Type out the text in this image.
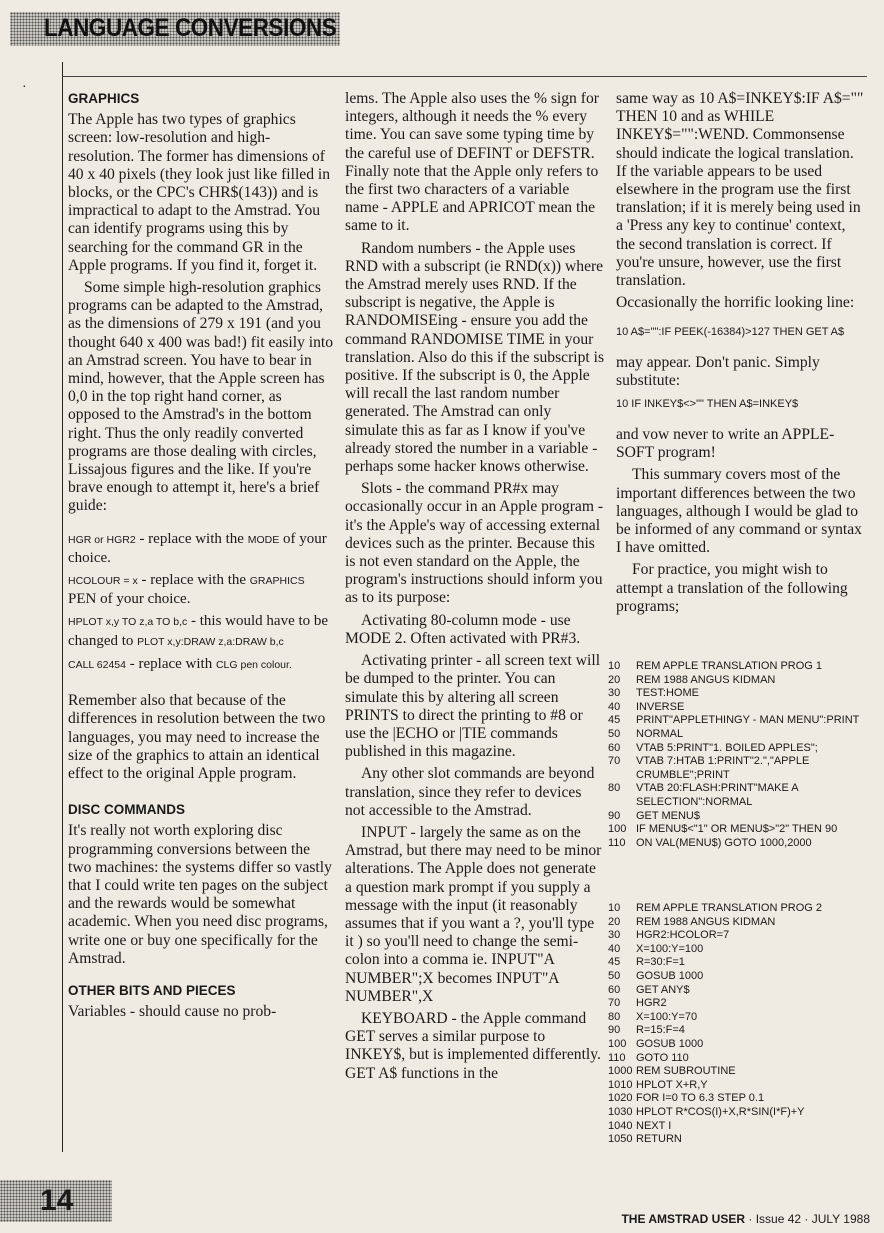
LANGUAGE CONVERSIONS
·
GRAPHICS

The Apple has two types of graphics screen: low-resolution and high-resolution. The former has dimensions of 40 x 40 pixels (they look just like filled in blocks, or the CPC's CHR$(143)) and is impractical to adapt to the Amstrad. You can identify programs using this by searching for the command GR in the Apple programs. If you find it, forget it.

Some simple high-resolution graphics programs can be adapted to the Amstrad, as the dimensions of 279 x 191 (and you thought 640 x 400 was bad!) fit easily into an Amstrad screen. You have to bear in mind, however, that the Apple screen has 0,0 in the top right hand corner, as opposed to the Amstrad's in the bottom right. Thus the only readily converted programs are those dealing with circles, Lissajous figures and the like. If you're brave enough to attempt it, here's a brief guide:

HGR or HGR2 - replace with the MODE of your choice.

HCOLOUR = x - replace with the GRAPHICS PEN of your choice.

HPLOT x,y TO z,a TO b,c - this would have to be changed to PLOT x,y:DRAW z,a:DRAW b,c

CALL 62454 - replace with CLG pen colour.

Remember also that because of the differences in resolution between the two languages, you may need to increase the size of the graphics to attain an identical effect to the original Apple program.

DISC COMMANDS

It's really not worth exploring disc programming conversions between the two machines: the systems differ so vastly that I could write ten pages on the subject and the rewards would be somewhat academic. When you need disc programs, write one or buy one specifically for the Amstrad.

OTHER BITS AND PIECES

Variables - should cause no prob-

lems. The Apple also uses the % sign for integers, although it needs the % every time. You can save some typing time by the careful use of DEFINT or DEFSTR. Finally note that the Apple only refers to the first two characters of a variable name - APPLE and APRICOT mean the same to it.

Random numbers - the Apple uses RND with a subscript (ie RND(x)) where the Amstrad merely uses RND. If the subscript is negative, the Apple is RANDOMISEing - ensure you add the command RANDOMISE TIME in your translation. Also do this if the subscript is positive. If the subscript is 0, the Apple will recall the last random number generated. The Amstrad can only simulate this as far as I know if you've already stored the number in a variable - perhaps some hacker knows otherwise.

Slots - the command PR#x may occasionally occur in an Apple program - it's the Apple's way of accessing external devices such as the printer. Because this is not even standard on the Apple, the program's instructions should inform you as to its purpose:

Activating 80-column mode - use MODE 2. Often activated with PR#3.

Activating printer - all screen text will be dumped to the printer. You can simulate this by altering all screen PRINTS to direct the printing to #8 or use the |ECHO or |TIE commands published in this magazine.

Any other slot commands are beyond translation, since they refer to devices not accessible to the Amstrad.

INPUT - largely the same as on the Amstrad, but there may need to be minor alterations. The Apple does not generate a question mark prompt if you supply a message with the input (it reasonably assumes that if you want a ?, you'll type it ) so you'll need to change the semi-colon into a comma ie. INPUT"A NUMBER";X becomes INPUT"A NUMBER",X

KEYBOARD - the Apple command GET serves a similar purpose to INKEY$, but is implemented differently. GET A$ functions in the

same way as 10 A$=INKEY$:IF A$="" THEN 10 and as WHILE INKEY$="":WEND. Commonsense should indicate the logical translation. If the variable appears to be used elsewhere in the program use the first translation; if it is merely being used in a 'Press any key to continue' context, the second translation is correct. If you're unsure, however, use the first translation.

Occasionally the horrific looking line:

10 A$="":IF PEEK(-16384)>127 THEN GET A$

may appear. Don't panic. Simply substitute:

10 IF INKEY$<>"" THEN A$=INKEY$

and vow never to write an APPLE-SOFT program!

This summary covers most of the important differences between the two languages, although I would be glad to be informed of any command or syntax I have omitted.

For practice, you might wish to attempt a translation of the following programs;

10	REM APPLE TRANSLATION PROG 1
20	REM 1988 ANGUS KIDMAN
30	TEST:HOME
40	INVERSE
45	PRINT"APPLETHINGY - MAN MENU":PRINT
50	NORMAL
60	VTAB 5:PRINT"1. BOILED APPLES";
70	VTAB 7:HTAB 1:PRINT"2.","APPLE CRUMBLE";PRINT
80	VTAB 20:FLASH:PRINT"MAKE A SELECTION":NORMAL
90	GET MENU$
100 IF MENU$<"1" OR MENU$>"2" THEN 90
110 ON VAL(MENU$) GOTO 1000,2000
10	REM APPLE TRANSLATION PROG 2
20	REM 1988 ANGUS KIDMAN
30	HGR2:HCOLOR=7
40	X=100:Y=100
45	R=30:F=1
50	GOSUB 1000
60	GET ANY$
70	HGR2
80	X=100:Y=70
90	R=15:F=4
100 GOSUB 1000
110 GOTO 110
1000 REM SUBROUTINE
1010 HPLOT X+R,Y
1020 FOR I=0 TO 6.3 STEP 0.1
1030 HPLOT R*COS(I)+X,R*SIN(I*F)+Y
1040 NEXT I
1050 RETURN
14
THE AMSTRAD USER · Issue 42 · JULY 1988
